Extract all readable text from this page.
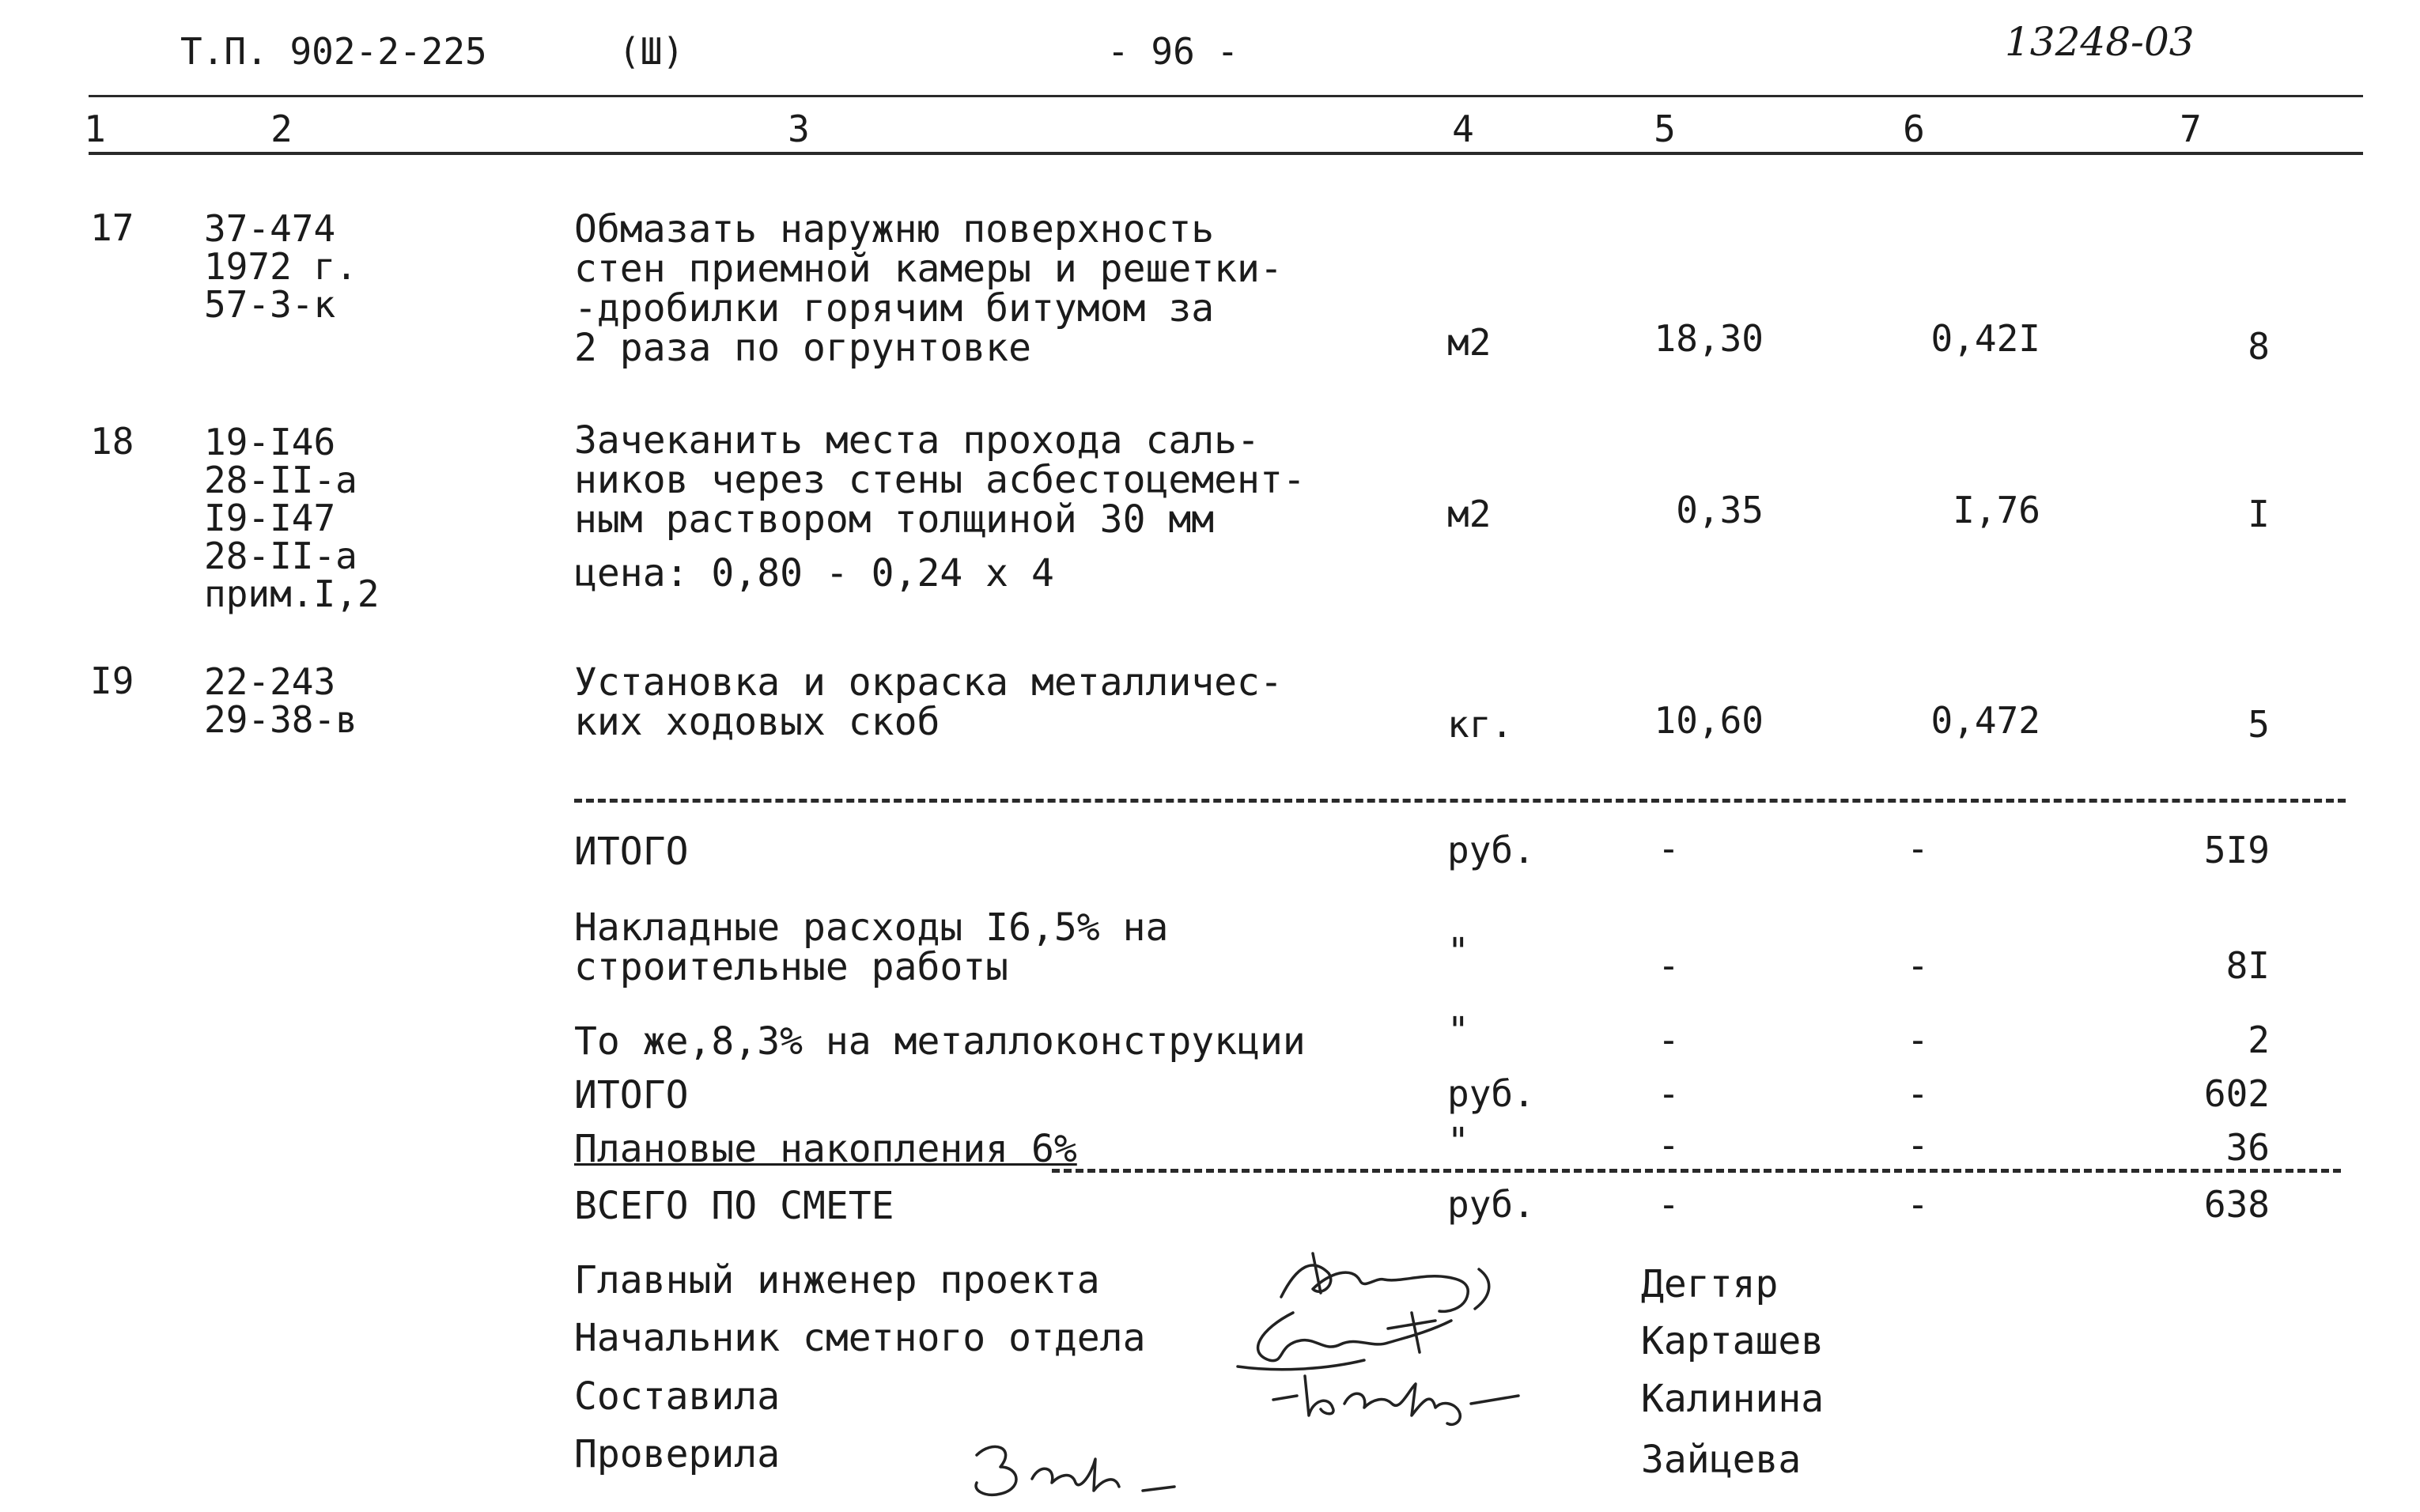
Т.П. 902-2-225	(Ш)	- 96 -	13248-03
1	2	3	4	5	6	7
17 37-474
1972 г.
57-3-к
Обмазать наружню поверхность
стен приемной камеры и решетки-
-дробилки горячим битумом за
2 раза по огрунтовке	м2	18,30	0,42I	8
18 19-I46
28-II-а
I9-I47
28-II-а
прим.I,2
Зачеканить места прохода саль-
ников через стены асбестоцемент-
ным раствором толщиной 30 мм
цена: 0,80 - 0,24 х 4
м2	0,35	I,76	I
I9 22-243
29-38-в
Установка и окраска металличес-
ких ходовых скоб	кг.	10,60	0,472	5
ИТОГО	руб.	-	-	5I9
Накладные расходы I6,5% на
строительные работы	"	-	-	8I
То же,8,3% на металлоконструкции	"	-	-	2
ИТОГО	руб.	-	-	602
Плановые накопления 6%	"	-	-	36
ВСЕГО ПО СМЕТЕ	руб.	-	-	638
Главный инженер проекта	Дегтяр
Начальник сметного отдела	Карташев
Составила	Калинина
Проверила	Зайцева
